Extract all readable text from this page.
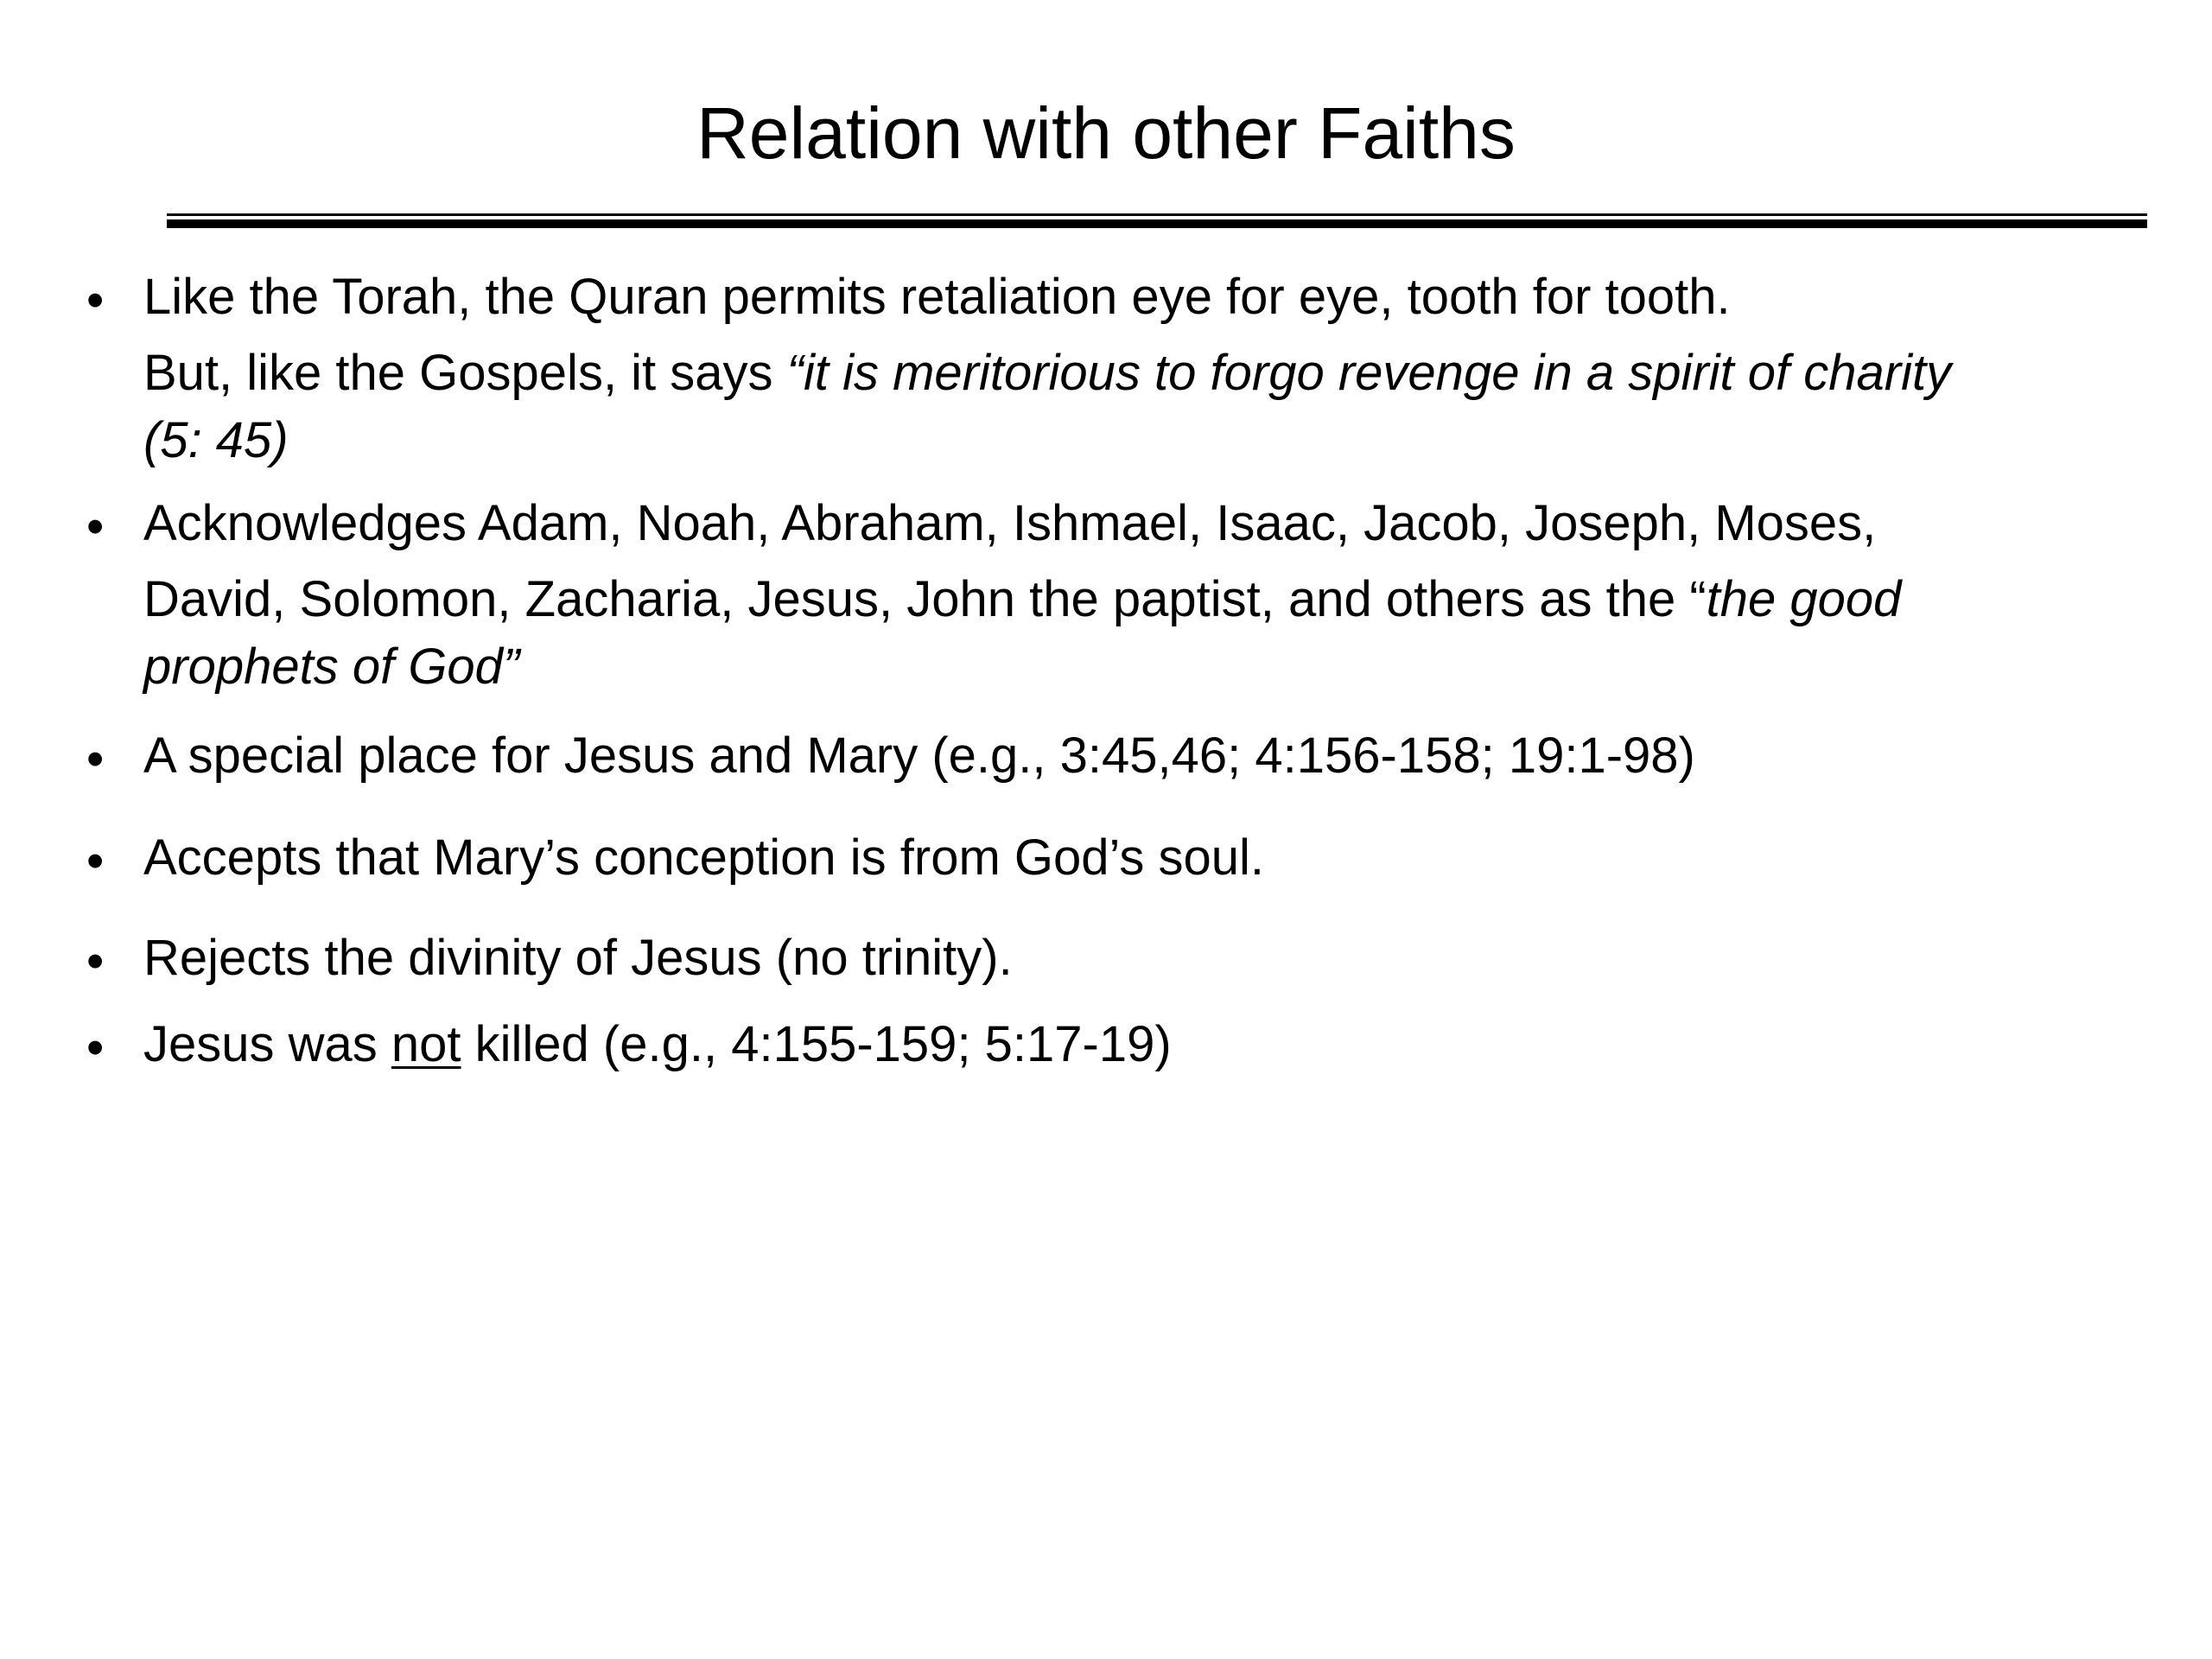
Relation with other Faiths
• Like the Torah, the Quran permits retaliation eye for eye, tooth for tooth.
But, like the Gospels, it says “it is meritorious to forgo revenge in a spirit of charity
(5: 45)
• Acknowledges Adam, Noah, Abraham, Ishmael, Isaac, Jacob, Joseph, Moses,
David, Solomon, Zacharia, Jesus, John the paptist, and others as the “the good
prophets of God”
• A special place for Jesus and Mary (e.g., 3:45,46; 4:156-158; 19:1-98)
• Accepts that Mary’s conception is from God’s soul.
• Rejects the divinity of Jesus (no trinity).
• Jesus was not killed (e.g., 4:155-159; 5:17-19)
